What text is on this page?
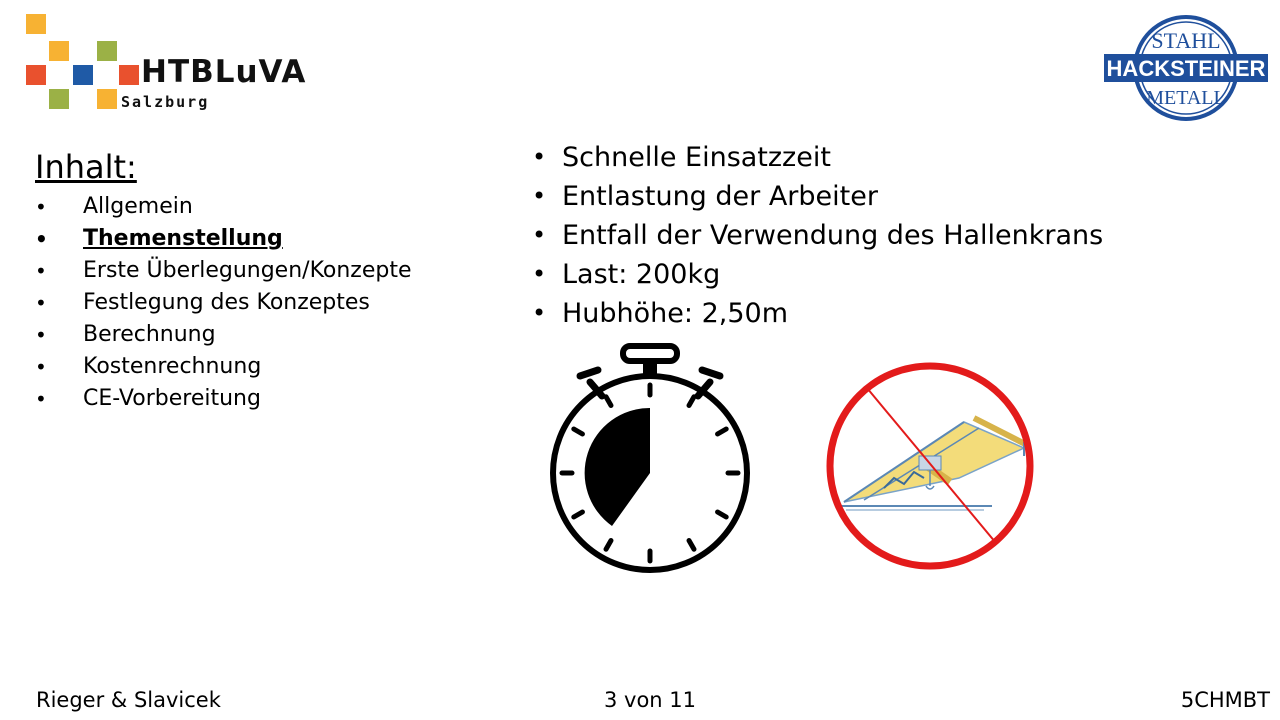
HTBLuVA
Salzburg
STAHL
HACKSTEINER
METALL
Inhalt:
• Allgemein
• Themenstellung
• Erste Überlegungen/Konzepte
• Festlegung des Konzeptes
• Berechnung
• Kostenrechnung
• CE-Vorbereitung
• Schnelle Einsatzzeit
• Entlastung der Arbeiter
• Entfall der Verwendung des Hallenkrans
• Last: 200kg
• Hubhöhe: 2,50m
Rieger & Slavicek	3 von 11	5CHMBT
